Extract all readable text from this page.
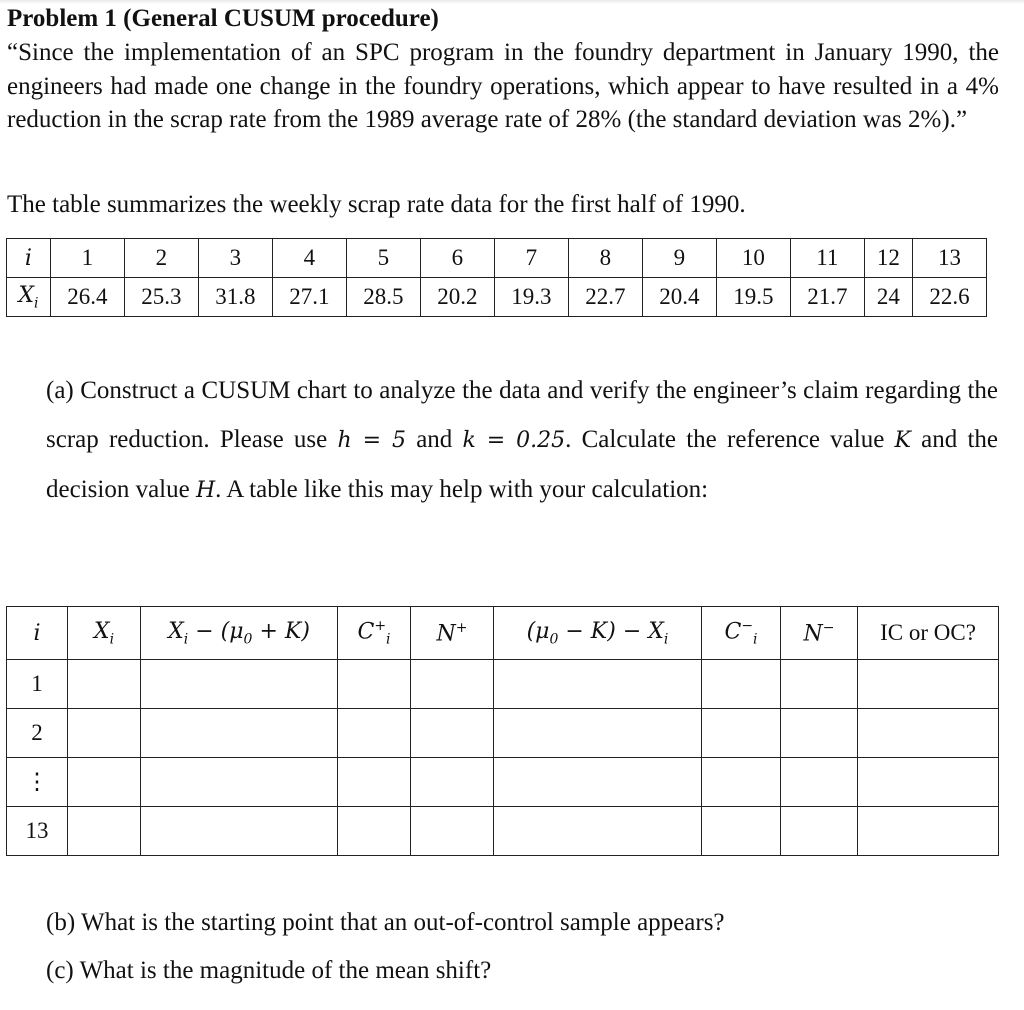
Problem 1 (General CUSUM procedure)

“Since the implementation of an SPC program in the foundry department in January 1990, the engineers had made one change in the foundry operations, which appear to have resulted in a 4% reduction in the scrap rate from the 1989 average rate of 28% (the standard deviation was 2%).”

The table summarizes the weekly scrap rate data for the first half of 1990.

i	1	2	3	4	5	6	7	8	9	10	11	12	13
$X_i$	26.4	25.3	31.8	27.1	28.5	20.2	19.3	22.7	20.4	19.5	21.7	24	22.6
(a) Construct a CUSUM chart to analyze the data and verify the engineer’s claim regarding the scrap reduction. Please use h = 5 and k = 0.25. Calculate the reference value K and the decision value H. A table like this may help with your calculation:
i	$X_i$	$X_i - (\mu_0 + K)$	$C^+_i$	N+	$(\mu_0 - K) - X_i$	$C^-_i$	N−	IC or OC?
1								
2								
⋮								
13								

(b) What is the starting point that an out-of-control sample appears?

(c) What is the magnitude of the mean shift?
